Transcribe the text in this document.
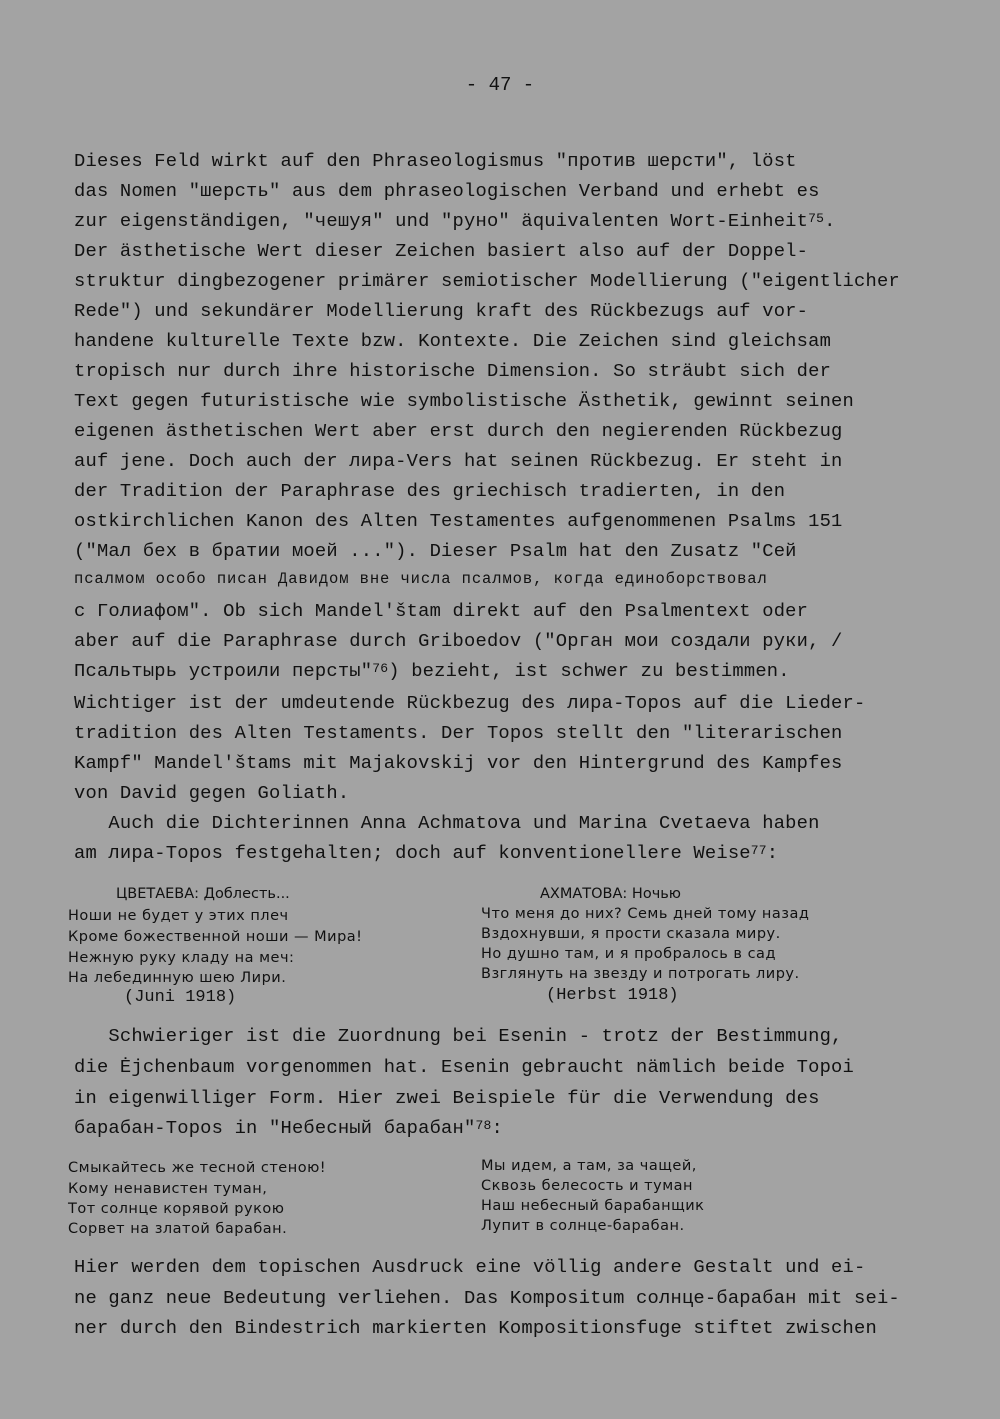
- 47 -
Dieses Feld wirkt auf den Phraseologismus "против шерсти", löst
das Nomen "шерсть" aus dem phraseologischen Verband und erhebt es
zur eigenständigen, "чешуя" und "руно" äquivalenten Wort-Einheit$^{75}$.
Der ästhetische Wert dieser Zeichen basiert also auf der Doppel-
struktur dingbezogener primärer semiotischer Modellierung ("eigentlicher
Rede") und sekundärer Modellierung kraft des Rückbezugs auf vor-
handene kulturelle Texte bzw. Kontexte. Die Zeichen sind gleichsam
tropisch nur durch ihre historische Dimension. So sträubt sich der
Text gegen futuristische wie symbolistische Ästhetik, gewinnt seinen
eigenen ästhetischen Wert aber erst durch den negierenden Rückbezug
auf jene. Doch auch der лира-Vers hat seinen Rückbezug. Er steht in
der Tradition der Paraphrase des griechisch tradierten, in den
ostkirchlichen Kanon des Alten Testamentes aufgenommenen Psalms 151
("Мал бех в братии моей ..."). Dieser Psalm hat den Zusatz "Сей
псалмом особо писан Давидом вне числа псалмов, когда единоборствовал
с Голиафом". Ob sich Mandel'štam direkt auf den Psalmentext oder
aber auf die Paraphrase durch Griboedov ("Орган мои создали руки, /
Псальтырь устроили персты"$^{76}$) bezieht, ist schwer zu bestimmen.
Wichtiger ist der umdeutende Rückbezug des лира-Topos auf die Lieder-
tradition des Alten Testaments. Der Topos stellt den "literarischen
Kampf" Mandel'štams mit Majakovskij vor den Hintergrund des Kampfes
von David gegen Goliath.
Auch die Dichterinnen Anna Achmatova und Marina Cvetaeva haben
am лира-Topos festgehalten; doch auf konventionellere Weise$^{77}$:
ЦВЕТАЕВА: Доблесть...
Ноши не будет у этих плеч
Кроме божественной ноши — Мира!
Нежную руку кладу на меч:
На лебединную шею Лири.
(Juni 1918)
АХМАТОВА: Ночью
Что меня до них? Семь дней тому назад
Вздохнувши, я прости сказала миру.
Но душно там, и я пробралось в сад
Взглянуть на звезду и потрогать лиру.
(Herbst 1918)
Schwieriger ist die Zuordnung bei Esenin - trotz der Bestimmung,
die Ėjchenbaum vorgenommen hat. Esenin gebraucht nämlich beide Topoi
in eigenwilliger Form. Hier zwei Beispiele für die Verwendung des
барабан-Topos in "Небесный барабан"$^{78}$:
Смыкайтесь же тесной стеною!
Кому ненавистен туман,
Тот солнце корявой рукою
Сорвет на златой барабан.
Мы идем, а там, за чащей,
Сквозь белесость и туман
Наш небесный барабанщик
Лупит в солнце-барабан.
Hier werden dem topischen Ausdruck eine völlig andere Gestalt und ei-
ne ganz neue Bedeutung verliehen. Das Kompositum солнце-барабан mit sei-
ner durch den Bindestrich markierten Kompositionsfuge stiftet zwischen
